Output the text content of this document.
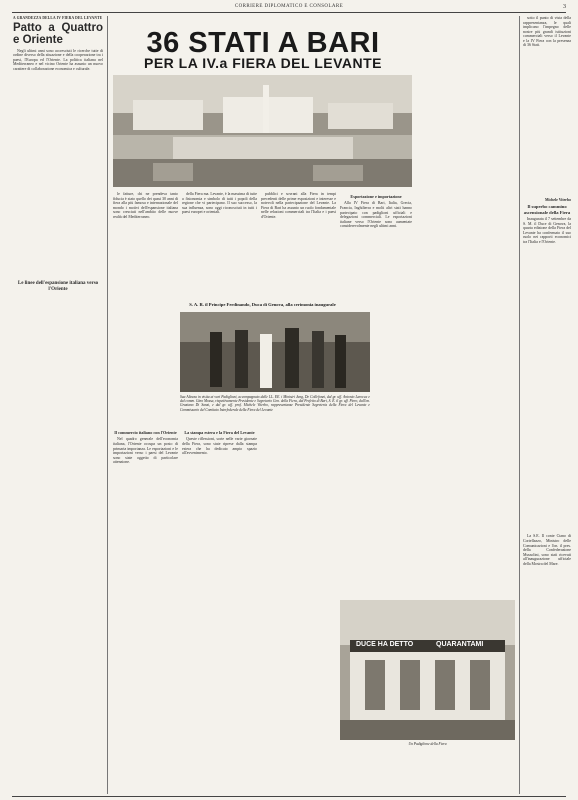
CORRIERE DIPLOMATICO E CONSOLARE	3
A GRANDEZZA DELLA IV FIERA DEL LEVANTE
Patto a Quattro e Oriente

Negli ultimi anni sono accresciuti le ricerche tutte di ordine diverso della situazione e della cooperazione tra i paesi, l'Europa ed l'Oriente. La politica italiana nel Mediterraneo e nel vicino Oriente ha assunto un nuovo carattere di collaborazione economica e culturale.

Le linee dell'espansione italiana verso l'Oriente
36 STATI A BARI
PER LA IV.a FIERA DEL LEVANTE

le fatture, chi ne prendeva tanto fiducia è stato quello dei quasi 30 anni di fiera alla più famosa e internazionale del mondo i motivi dell'espansione italiana sono cresciuti nell'ambito delle nuove realtà del Mediterraneo.

della Fiera ma. Levante, è la massima di tutte a fisionomia e simbolo di tutti i popoli della regione che vi partecipano. Il suo successo, la sua influenza, sono oggi riconosciuti in tutti i paesi europei e orientali.

pubblici e sovrani alla Fiera in tempi precedenti delle prime esposizioni e interesse e notevoli nella partecipazione del Levante. La Fiera di Bari ha assunto un ruolo fondamentale nelle relazioni commerciali tra l'Italia e i paesi d'Oriente.

Esportazione e importazione

Alla IV Fiera di Bari, Italia, Grecia, Francia, Inghilterra e molti altri stati hanno partecipato con padiglioni ufficiali e delegazioni commerciali. Le esportazioni italiane verso l'Oriente sono aumentate considerevolmente negli ultimi anni.

S. A. R. il Principe Ferdinando, Duca di Genova, alla cerimonia inaugurale
Sua Altezza in visita ai vari Padiglioni, accompagnato dalle LL. EE. i Ministri Jung, De Collefonzi, dal gr. uff. Antonio Larocca e dal comm. Gino Mossa, rispettivamente Presidente e Segretario Gen. della Fiera, dal Prefetto di Bari, S. E. il gr. uff. Piero, dall'on. Graziano Di Sanzi, e dal gr. uff. prof. Michele Viterbo, rappresentanze Presidente Segreteria della Fiera del Levante e Commissario del Comitato Interfederale della Fiera del Levante
Il commercio italiano con l'Oriente

Nel quadro generale dell'economia italiana, l'Oriente occupa un posto di primaria importanza. Le esportazioni e le importazioni verso i paesi del Levante sono state oggetto di particolare attenzione.

La stampa estera e la Fiera del Levante

Queste riflessioni, sorte nelle varie giornate della Fiera, sono state riprese dalla stampa estera che ha dedicato ampio spazio all'avvenimento.

DUCE HA DETTO	QUARANTAMI
Un Padiglione della Fiera

sotto il punto di vista della rappresentanza, le quali implicano l'impegno delle nostre più grandi istituzioni commerciali verso il Levante e la IV Fiera con la presenza di 36 Stati.

Michele Viterbo
Il superbo cammino ascensionale della Fiera

Inaugurata il 7 settembre da S. M. il Duce di Genova, la quarta edizione della Fiera del Levante ha confermato il suo ruolo nei rapporti economici tra l'Italia e l'Oriente.

La S.E. Il conte Ciano di Cortellazzo, Ministro delle Comunicazioni e l'on. il pres. della Confederazione Mussolini, sono stati ricevuti all'inaugurazione ufficiale della Mostra del Mare.
